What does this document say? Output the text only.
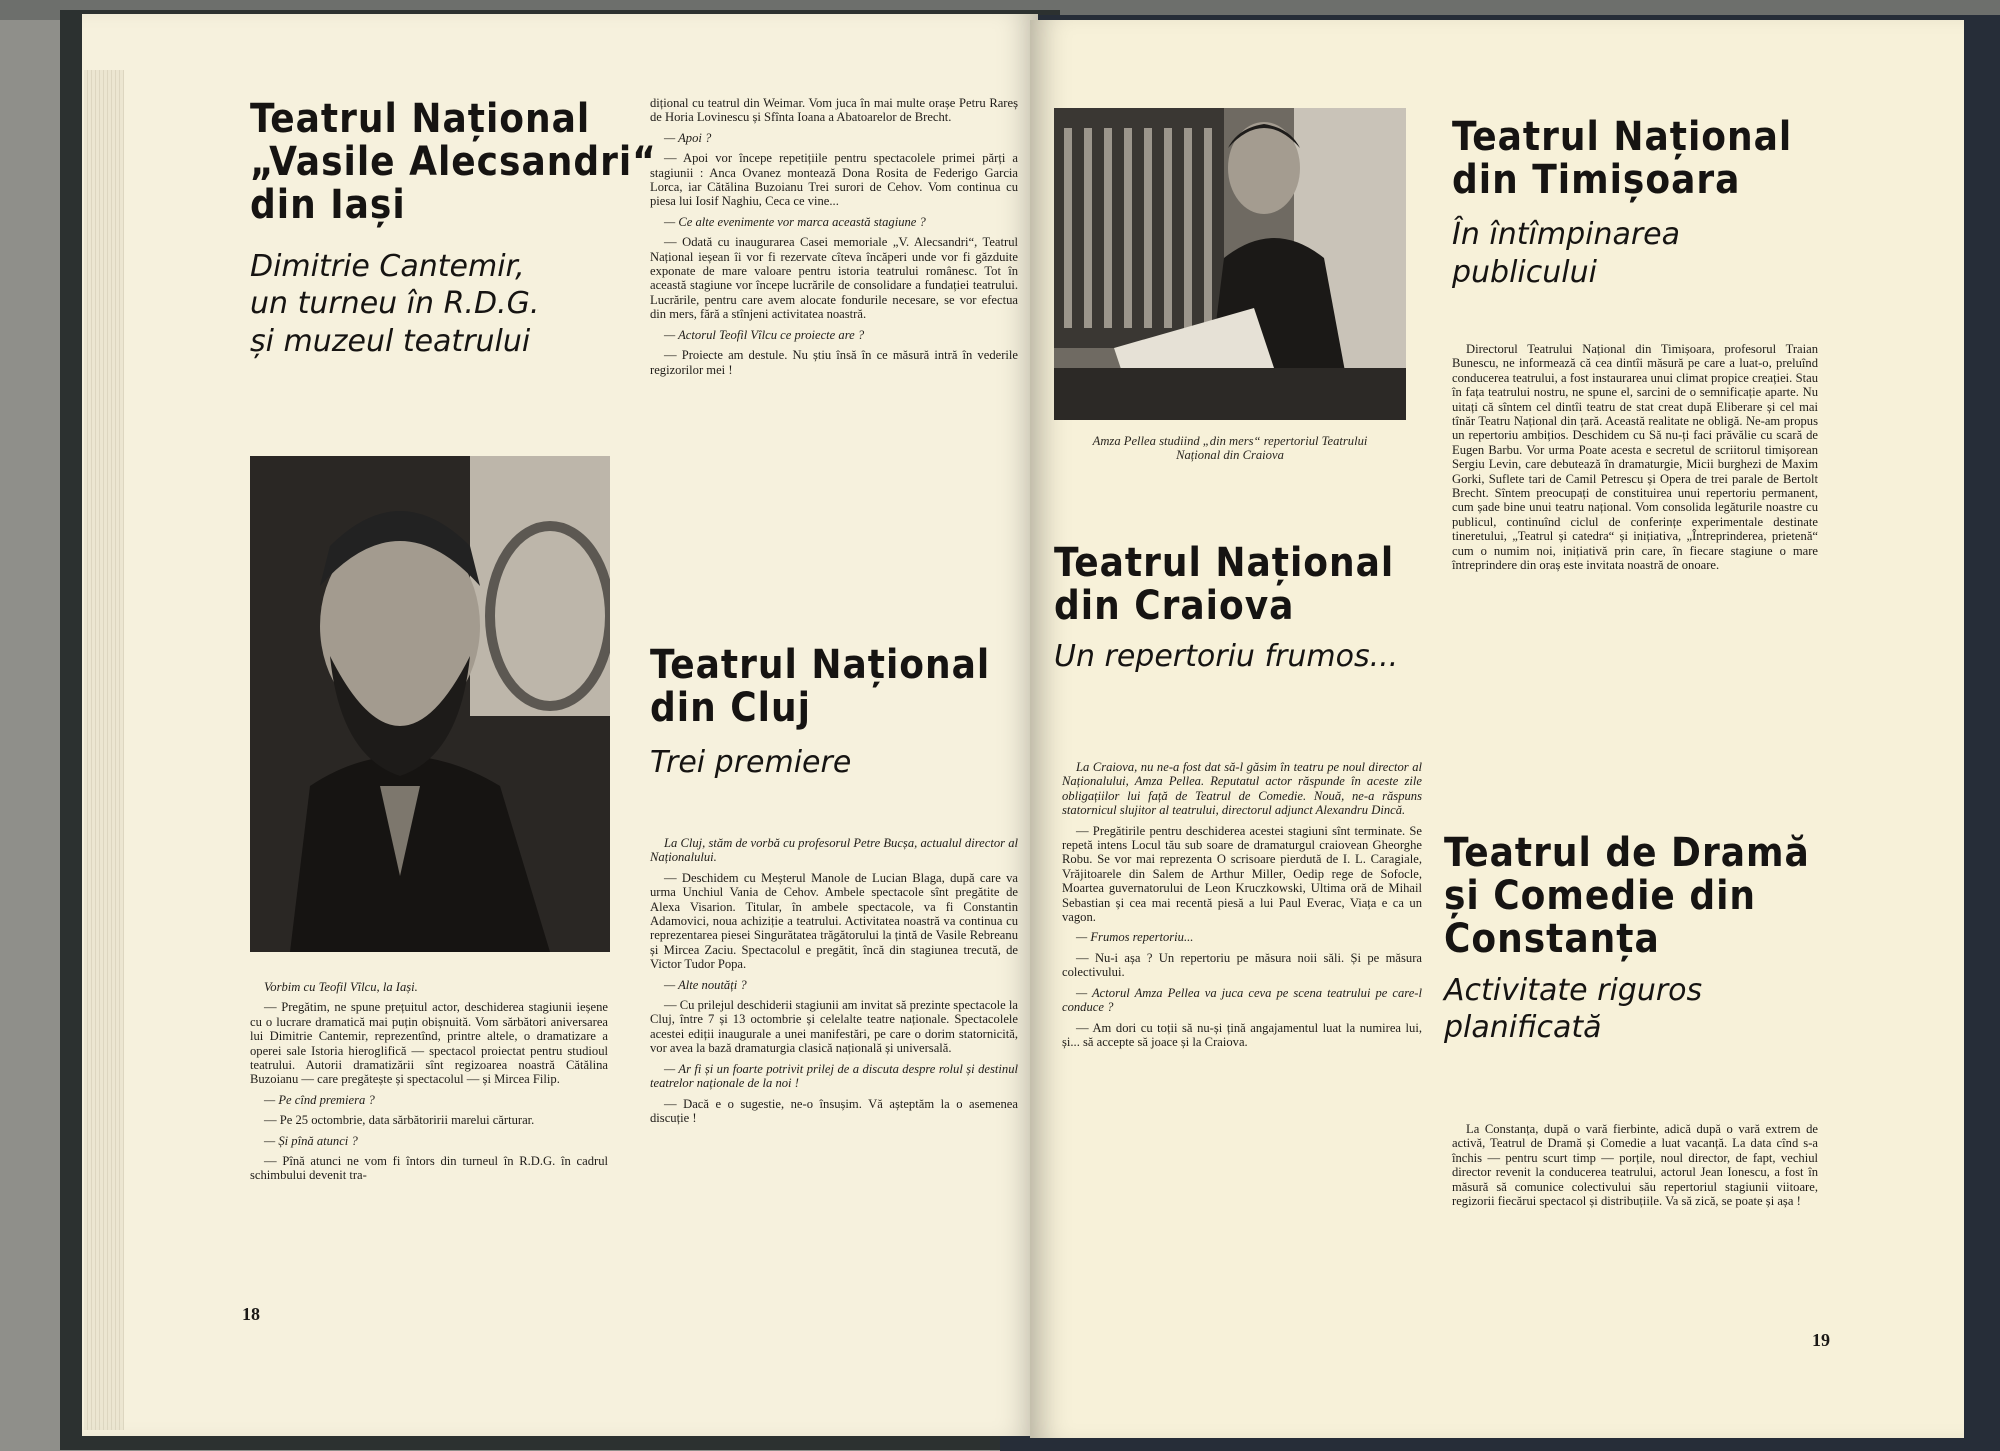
Teatrul Național
„Vasile Alecsandri“
din Iași

Dimitrie Cantemir,

un turneu în R.D.G.

și muzeul teatrului

Vorbim cu Teofil Vîlcu, la Iași.

— Pregătim, ne spune prețuitul actor, deschiderea stagiunii ieșene cu o lucrare dramatică mai puțin obișnuită. Vom sărbători aniversarea lui Dimitrie Cantemir, reprezentînd, printre altele, o dramatizare a operei sale Istoria hieroglifică — spectacol proiectat pentru studioul teatrului. Autorii dramatizării sînt regizoarea noastră Cătălina Buzoianu — care pregătește și spectacolul — și Mircea Filip.

— Pe cînd premiera ?

— Pe 25 octombrie, data sărbătoririi marelui cărturar.

— Și pînă atunci ?

— Pînă atunci ne vom fi întors din turneul în R.D.G. în cadrul schimbului devenit tra-

dițional cu teatrul din Weimar. Vom juca în mai multe orașe Petru Rareș de Horia Lovinescu și Sfînta Ioana a Abatoarelor de Brecht.

— Apoi ?

— Apoi vor începe repetițiile pentru spectacolele primei părți a stagiunii : Anca Ovanez montează Dona Rosita de Federigo Garcia Lorca, iar Cătălina Buzoianu Trei surori de Cehov. Vom continua cu piesa lui Iosif Naghiu, Ceca ce vine...

— Ce alte evenimente vor marca această stagiune ?

— Odată cu inaugurarea Casei memoriale „V. Alecsandri“, Teatrul Național ieșean îi vor fi rezervate cîteva încăperi unde vor fi găzduite exponate de mare valoare pentru istoria teatrului românesc. Tot în această stagiune vor începe lucrările de consolidare a fundației teatrului. Lucrările, pentru care avem alocate fondurile necesare, se vor efectua din mers, fără a stînjeni activitatea noastră.

— Actorul Teofil Vîlcu ce proiecte are ?

— Proiecte am destule. Nu știu însă în ce măsură intră în vederile regizorilor mei !

Teatrul Național
din Cluj

Trei premiere

La Cluj, stăm de vorbă cu profesorul Petre Bucșa, actualul director al Naționalului.

— Deschidem cu Meșterul Manole de Lucian Blaga, după care va urma Unchiul Vania de Cehov. Ambele spectacole sînt pregătite de Alexa Visarion. Titular, în ambele spectacole, va fi Constantin Adamovici, noua achiziție a teatrului. Activitatea noastră va continua cu reprezentarea piesei Singurătatea trăgătorului la țintă de Vasile Rebreanu și Mircea Zaciu. Spectacolul e pregătit, încă din stagiunea trecută, de Victor Tudor Popa.

— Alte noutăți ?

— Cu prilejul deschiderii stagiunii am invitat să prezinte spectacole la Cluj, între 7 și 13 octombrie și celelalte teatre naționale. Spectacolele acestei ediții inaugurale a unei manifestări, pe care o dorim statornicită, vor avea la bază dramaturgia clasică națională și universală.

— Ar fi și un foarte potrivit prilej de a discuta despre rolul și destinul teatrelor naționale de la noi !

— Dacă e o sugestie, ne-o însușim. Vă așteptăm la o asemenea discuție !

18
Amza Pellea studiind „din mers“ repertoriul Teatrului Național din Craiova
Teatrul Național
din Craiova

Un repertoriu frumos...

La Craiova, nu ne-a fost dat să-l găsim în teatru pe noul director al Naționalului, Amza Pellea. Reputatul actor răspunde în aceste zile obligațiilor lui față de Teatrul de Comedie. Nouă, ne-a răspuns statornicul slujitor al teatrului, directorul adjunct Alexandru Dincă.

— Pregătirile pentru deschiderea acestei stagiuni sînt terminate. Se repetă intens Locul tău sub soare de dramaturgul craiovean Gheorghe Robu. Se vor mai reprezenta O scrisoare pierdută de I. L. Caragiale, Vrăjitoarele din Salem de Arthur Miller, Oedip rege de Sofocle, Moartea guvernatorului de Leon Kruczkowski, Ultima oră de Mihail Sebastian și cea mai recentă piesă a lui Paul Everac, Viața e ca un vagon.

— Frumos repertoriu...

— Nu-i așa ? Un repertoriu pe măsura noii săli. Și pe măsura colectivului.

— Actorul Amza Pellea va juca ceva pe scena teatrului pe care-l conduce ?

— Am dori cu toții să nu-și țină angajamentul luat la numirea lui, și... să accepte să joace și la Craiova.

Teatrul Național
din Timișoara

În întîmpinarea

publicului

Directorul Teatrului Național din Timișoara, profesorul Traian Bunescu, ne informează că cea dintîi măsură pe care a luat-o, preluînd conducerea teatrului, a fost instaurarea unui climat propice creației. Stau în fața teatrului nostru, ne spune el, sarcini de o semnificație aparte. Nu uitați că sîntem cel dintîi teatru de stat creat după Eliberare și cel mai tînăr Teatru Național din țară. Această realitate ne obligă. Ne-am propus un repertoriu ambițios. Deschidem cu Să nu-ți faci prăvălie cu scară de Eugen Barbu. Vor urma Poate acesta e secretul de scriitorul timișorean Sergiu Levin, care debutează în dramaturgie, Micii burghezi de Maxim Gorki, Suflete tari de Camil Petrescu și Opera de trei parale de Bertolt Brecht. Sîntem preocupați de constituirea unui repertoriu permanent, cum șade bine unui teatru național. Vom consolida legăturile noastre cu publicul, continuînd ciclul de conferințe experimentale destinate tineretului, „Teatrul și catedra“ și inițiativa, „Întreprinderea, prietenă“ cum o numim noi, inițiativă prin care, în fiecare stagiune o mare întreprindere din oraș este invitata noastră de onoare.

Teatrul de Dramă
și Comedie din
Constanța

Activitate riguros

planificată

La Constanța, după o vară fierbinte, adică după o vară extrem de activă, Teatrul de Dramă și Comedie a luat vacanță. La data cînd s-a închis — pentru scurt timp — porțile, noul director, de fapt, vechiul director revenit la conducerea teatrului, actorul Jean Ionescu, a fost în măsură să comunice colectivului său repertoriul stagiunii viitoare, regizorii fiecărui spectacol și distribuțiile. Va să zică, se poate și așa !

19
